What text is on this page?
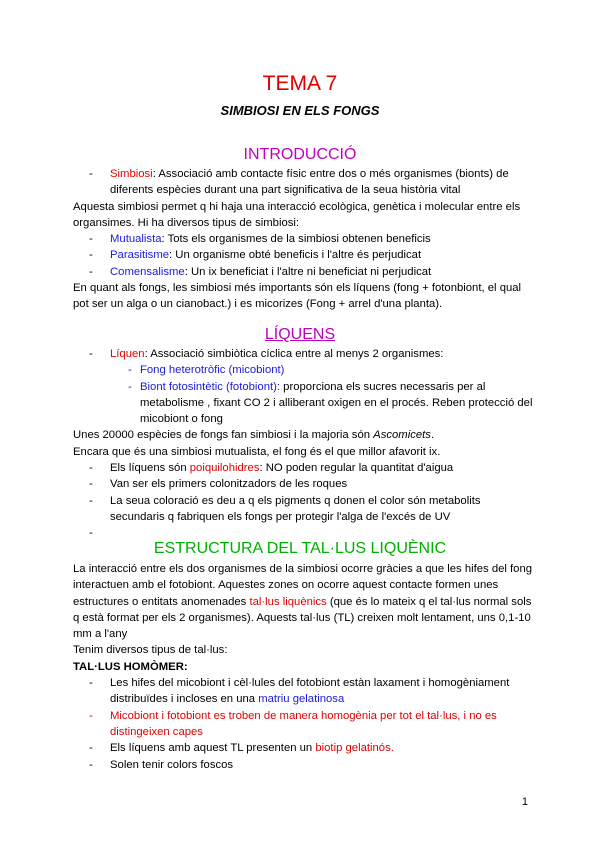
TEMA 7
SIMBIOSI EN ELS FONGS
INTRODUCCIÓ
- Simbiosi: Associació amb contacte físic entre dos o més organismes (bionts) de diferents espècies durant una part significativa de la seua història vital

Aquesta simbiosi permet q hi haja una interacció ecològica, genètica i molecular entre els organsimes. Hi ha diversos tipus de simbiosi:

- Mutualista: Tots els organismes de la simbiosi obtenen beneficis
- Parasitisme: Un organisme obté beneficis i l'altre és perjudicat
- Comensalisme: Un ix beneficiat i l'altre ni beneficiat ni perjudicat

En quant als fongs, les simbiosi més importants són els líquens (fong + fotonbiont, el qual pot ser un alga o un cianobact.) i es micorizes (Fong + arrel d'una planta).

LÍQUENS
- Líquen: Associació simbiòtica cíclica entre al menys 2 organismes:
- Fong heterotròfic (micobiont)
- Biont fotosintètic (fotobiont): proporciona els sucres necessaris per al metabolisme , fixant CO 2 i alliberant oxigen en el procés. Reben protecció del micobiont o fong

Unes 20000 espècies de fongs fan simbiosi i la majoria són Ascomicets.

Encara que és una simbiosi mutualista, el fong és el que millor afavorit ix.

- Els líquens són poiquilohidres: NO poden regular la quantitat d'aigua
- Van ser els primers colonitzadors de les roques
- La seua coloració es deu a q els pigments q donen el color són metabolits secundaris q fabriquen els fongs per protegir l'alga de l'excés de UV
-

ESTRUCTURA DEL TAL·LUS LIQUÈNIC

La interacció entre els dos organismes de la simbiosi ocorre gràcies a que les hifes del fong interactuen amb el fotobiont. Aquestes zones on ocorre aquest contacte formen unes estructures o entitats anomenades tal·lus liquènics (que és lo mateix q el tal·lus normal sols q està format per els 2 organismes). Aquests tal·lus (TL) creixen molt lentament, uns 0,1-10 mm a l'any

Tenim diversos tipus de tal·lus:

TAL·LUS HOMÒMER:

- Les hifes del micobiont i cèl·lules del fotobiont estàn laxament i homogèniament distribuïdes i incloses en una matriu gelatinosa
- Micobiont i fotobiont es troben de manera homogènia per tot el tal·lus, i no es distingeixen capes
- Els líquens amb aquest TL presenten un biotip gelatinós.
- Solen tenir colors foscos
1
